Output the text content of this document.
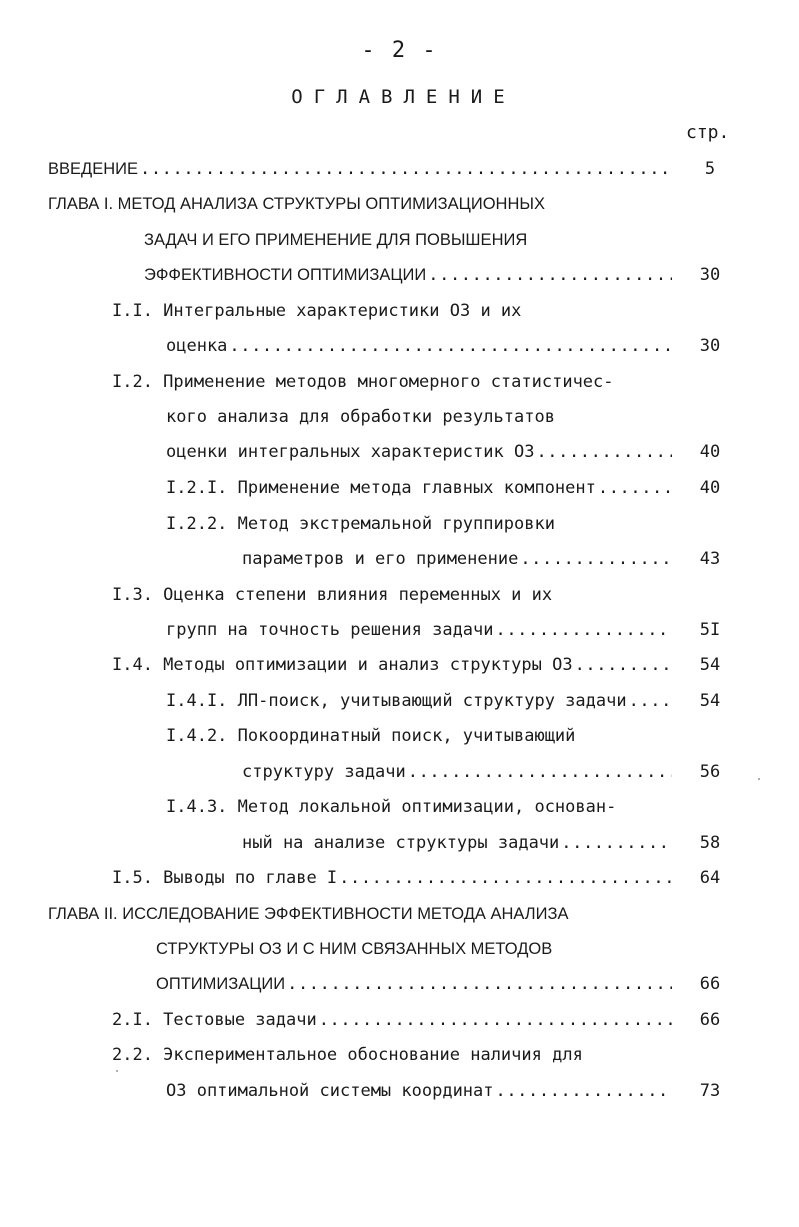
- 2 -
ОГЛАВЛЕНИЕ
стр.
ВВЕДЕНИЕ .....	5
ГЛАВА I. МЕТОД АНАЛИЗА СТРУКТУРЫ ОПТИМИЗАЦИОННЫХ
ЗАДАЧ И ЕГО ПРИМЕНЕНИЕ ДЛЯ ПОВЫШЕНИЯ
ЭФФЕКТИВНОСТИ ОПТИМИЗАЦИИ .....	30
I.I. Интегральные характеристики ОЗ и их
оценка .....	30
I.2. Применение методов многомерного статистичес-
кого анализа для обработки результатов
оценки интегральных характеристик ОЗ .....	40
I.2.I. Применение метода главных компонент .....	40
I.2.2. Метод экстремальной группировки
параметров и его применение .....	43
I.3. Оценка степени влияния переменных и их
групп на точность решения задачи .....	5I
I.4. Методы оптимизации и анализ структуры ОЗ .....	54
I.4.I. ЛП-поиск, учитывающий структуру задачи .....	54
I.4.2. Покоординатный поиск, учитывающий
структуру задачи .....	56
I.4.3. Метод локальной оптимизации, основан-
ный на анализе структуры задачи .....	58
I.5. Выводы по главе I .....	64
ГЛАВА II. ИССЛЕДОВАНИЕ ЭФФЕКТИВНОСТИ МЕТОДА АНАЛИЗА
СТРУКТУРЫ ОЗ И С НИМ СВЯЗАННЫХ МЕТОДОВ
ОПТИМИЗАЦИИ .....	66
2.I. Тестовые задачи .....	66
2.2. Экспериментальное обоснование наличия для
ОЗ оптимальной системы координат .....	73
